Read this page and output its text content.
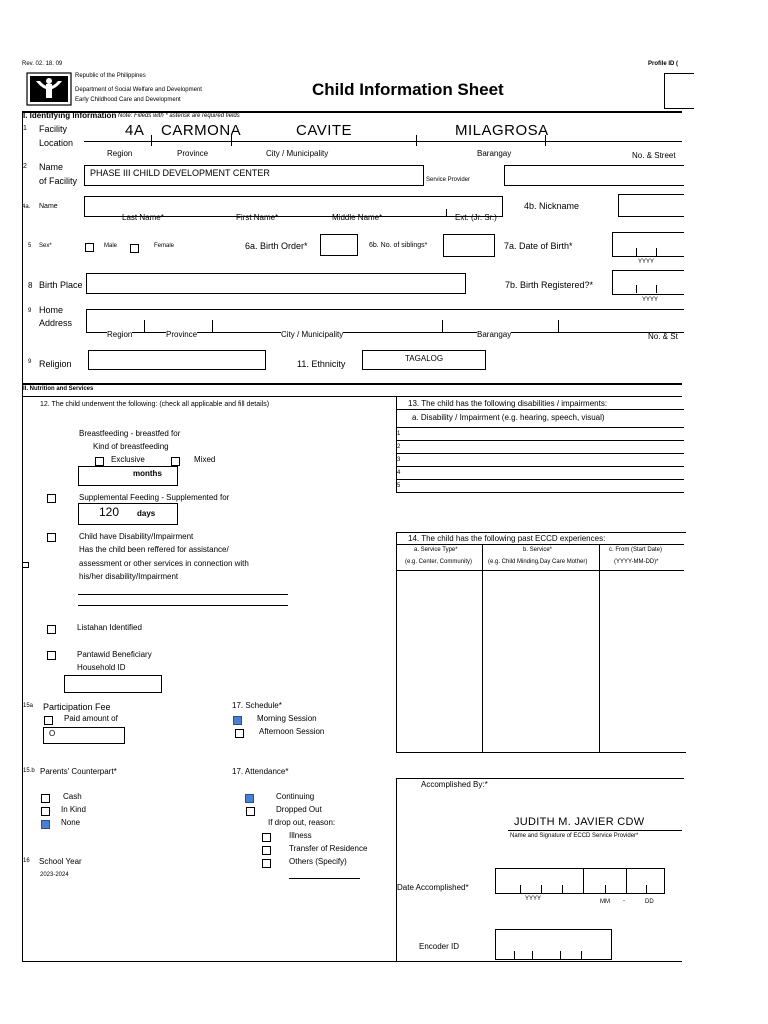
Rev. 02. 18. 09	Profile ID (
Republic of the Philippines
Department of Social Welfare and Development
Early Childhood Care and Development
Child Information Sheet
I. Identifying Information Note: Filleds with * asterisk are required fields
1 Facility
Location
4A CARMONA	CAVITE	MILAGROSA
Region	Province	City / Municipality	Barangay	No. & Street
2 Name
of Facility
PHASE III CHILD DEVELOPMENT CENTER
Service Provider
4a. Name
Last Name*	First Name*	Middle Name*	Ext. (Jr. Sr.)
4b. Nickname
5 Sex*	Male	Female	6a. Birth Order*	6b. No. of siblings*	7a. Date of Birth*
YYYY
8 Birth Place	7b. Birth Registered?*
YYYY
9 Home
Address
Region	Province	City / Municipality	Barangay	No. & St
9 Religion	11. Ethnicity
TAGALOG
II. Nutrition and Services
12. The child underwent the following: (check all applicable and fill details)
Breastfeeding - breastfed for
Kind of breastfeeding
Exclusive	Mixed
months
Supplemental Feeding - Supplemented for
120 days
Child have Disability/Impairment
Has the child been reffered for assistance/
assessment or other services in connection with
his/her disability/Impairment
Listahan Identified
Pantawid Beneficiary
Household ID
13. The child has the following disabilities / impairments:
a. Disability / Impairment (e.g. hearing, speech, visual)
1
2
3
4
5
14. The child has the following past ECCD experiences:
a. Service Type*
(e.g. Center, Community)
b. Service*
(e.g. Child Minding,Day Care Mother)
c. From (Start Date)
(YYYY-MM-DD)*
15a Participation Fee
Paid amount of
O
17. Schedule*
Morning Session
Afternoon Session
15.b Parents' Counterpart*
Cash
In Kind
None
17. Attendance*
Continuing
Dropped Out
If drop out, reason:
Illness
Transfer of Residence
Others (Specify)
16 School Year
2023-2024
Accomplished By:*
JUDITH M. JAVIER CDW
Name and Signature of ECCD Service Provider*
Date Accomplished*
YYYY	MM -	DD
Encoder ID
